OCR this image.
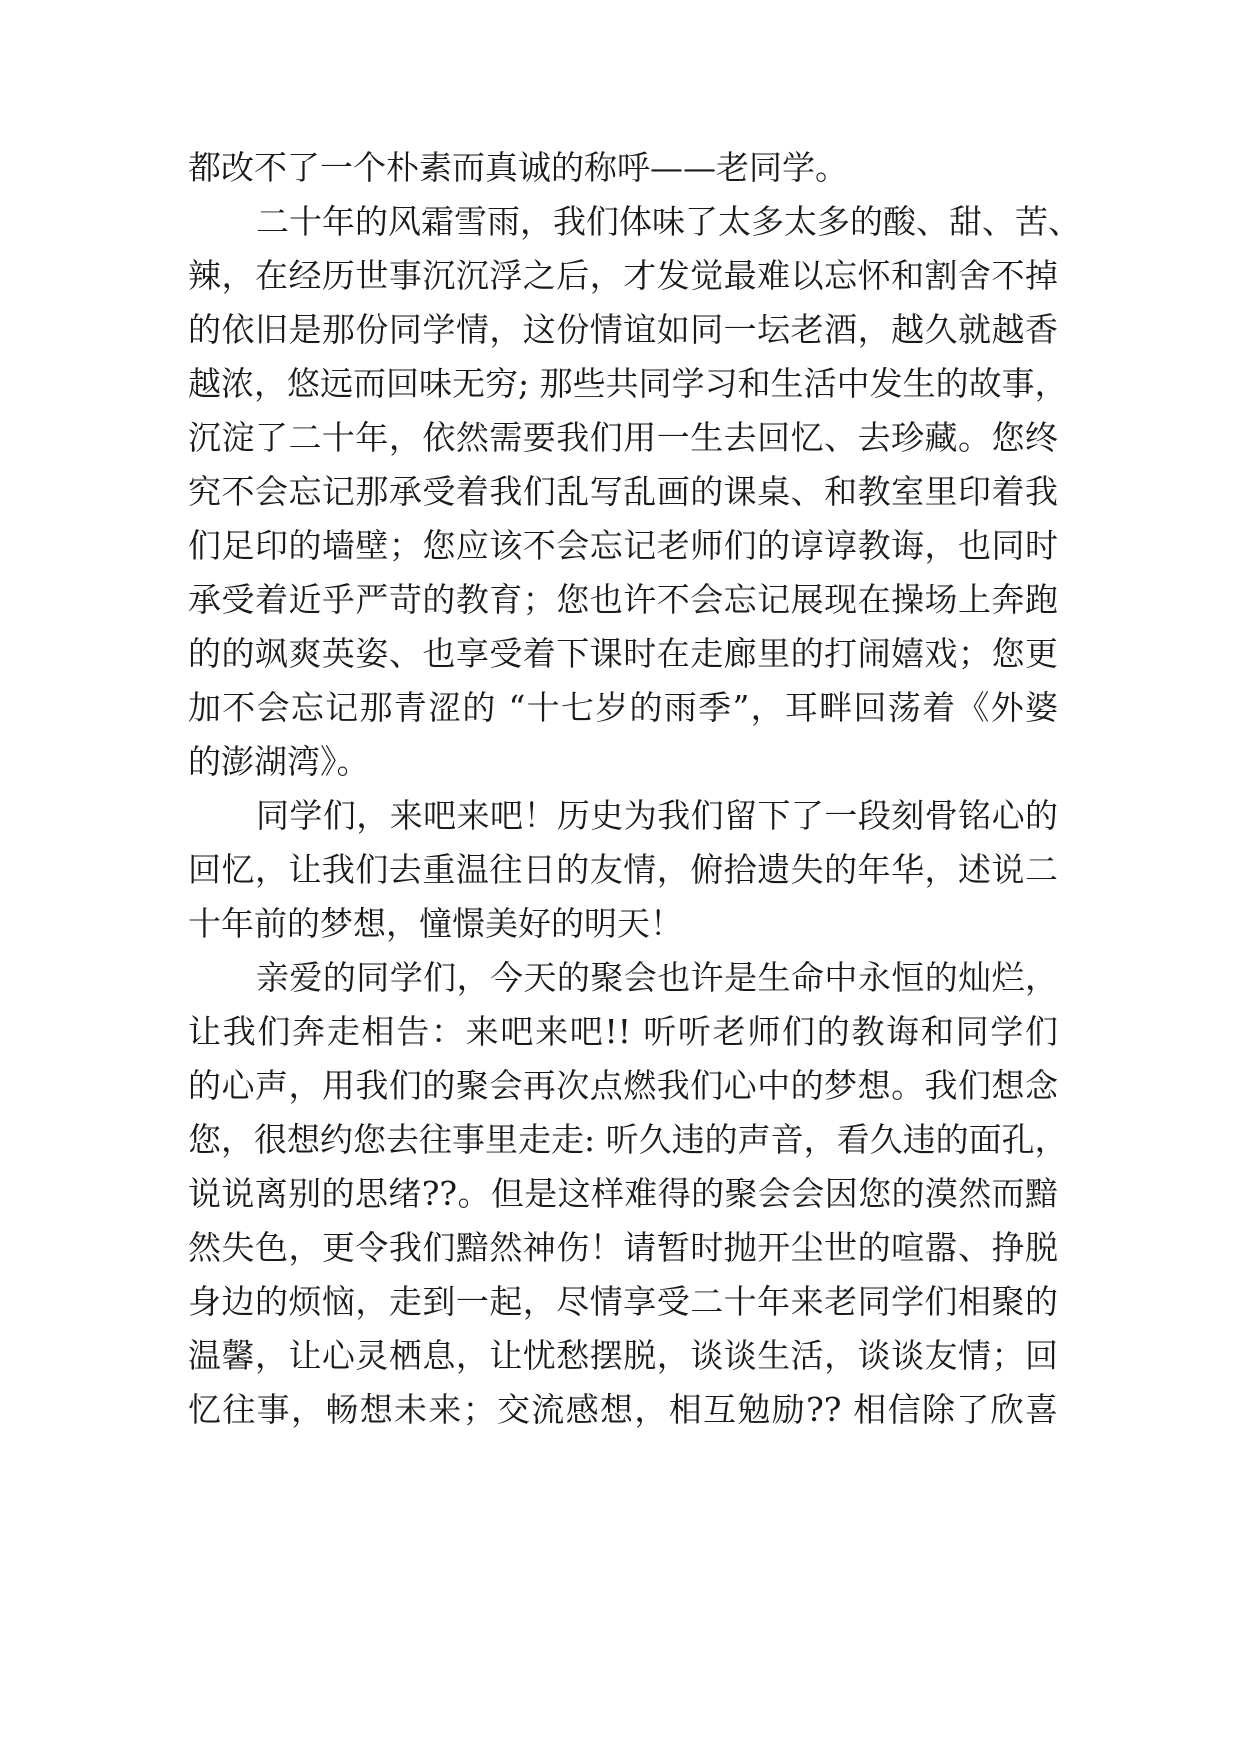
都改不了一个朴素而真诚的称呼——老同学。
二十年的风霜雪雨，我们体味了太多太多的酸、甜、苦、
辣，在经历世事沉沉浮之后，才发觉最难以忘怀和割舍不掉
的依旧是那份同学情，这份情谊如同一坛老酒，越久就越香
越浓，悠远而回味无穷; 那些共同学习和生活中发生的故事，
沉淀了二十年，依然需要我们用一生去回忆、去珍藏。您终
究不会忘记那承受着我们乱写乱画的课桌、和教室里印着我
们足印的墙壁；您应该不会忘记老师们的谆谆教诲，也同时
承受着近乎严苛的教育；您也许不会忘记展现在操场上奔跑
的的飒爽英姿、也享受着下课时在走廊里的打闹嬉戏；您更
加不会忘记那青涩的 “十七岁的雨季”，耳畔回荡着《外婆
的澎湖湾》。
同学们，来吧来吧！历史为我们留下了一段刻骨铭心的
回忆，让我们去重温往日的友情，俯拾遗失的年华，述说二
十年前的梦想，憧憬美好的明天！
亲爱的同学们，今天的聚会也许是生命中永恒的灿烂，
让我们奔走相告：来吧来吧!! 听听老师们的教诲和同学们
的心声，用我们的聚会再次点燃我们心中的梦想。我们想念
您，很想约您去往事里走走: 听久违的声音，看久违的面孔，
说说离别的思绪??。但是这样难得的聚会会因您的漠然而黯
然失色，更令我们黯然神伤！请暂时抛开尘世的喧嚣、挣脱
身边的烦恼，走到一起，尽情享受二十年来老同学们相聚的
温馨，让心灵栖息，让忧愁摆脱，谈谈生活，谈谈友情；回
忆往事，畅想未来；交流感想，相互勉励?? 相信除了欣喜
